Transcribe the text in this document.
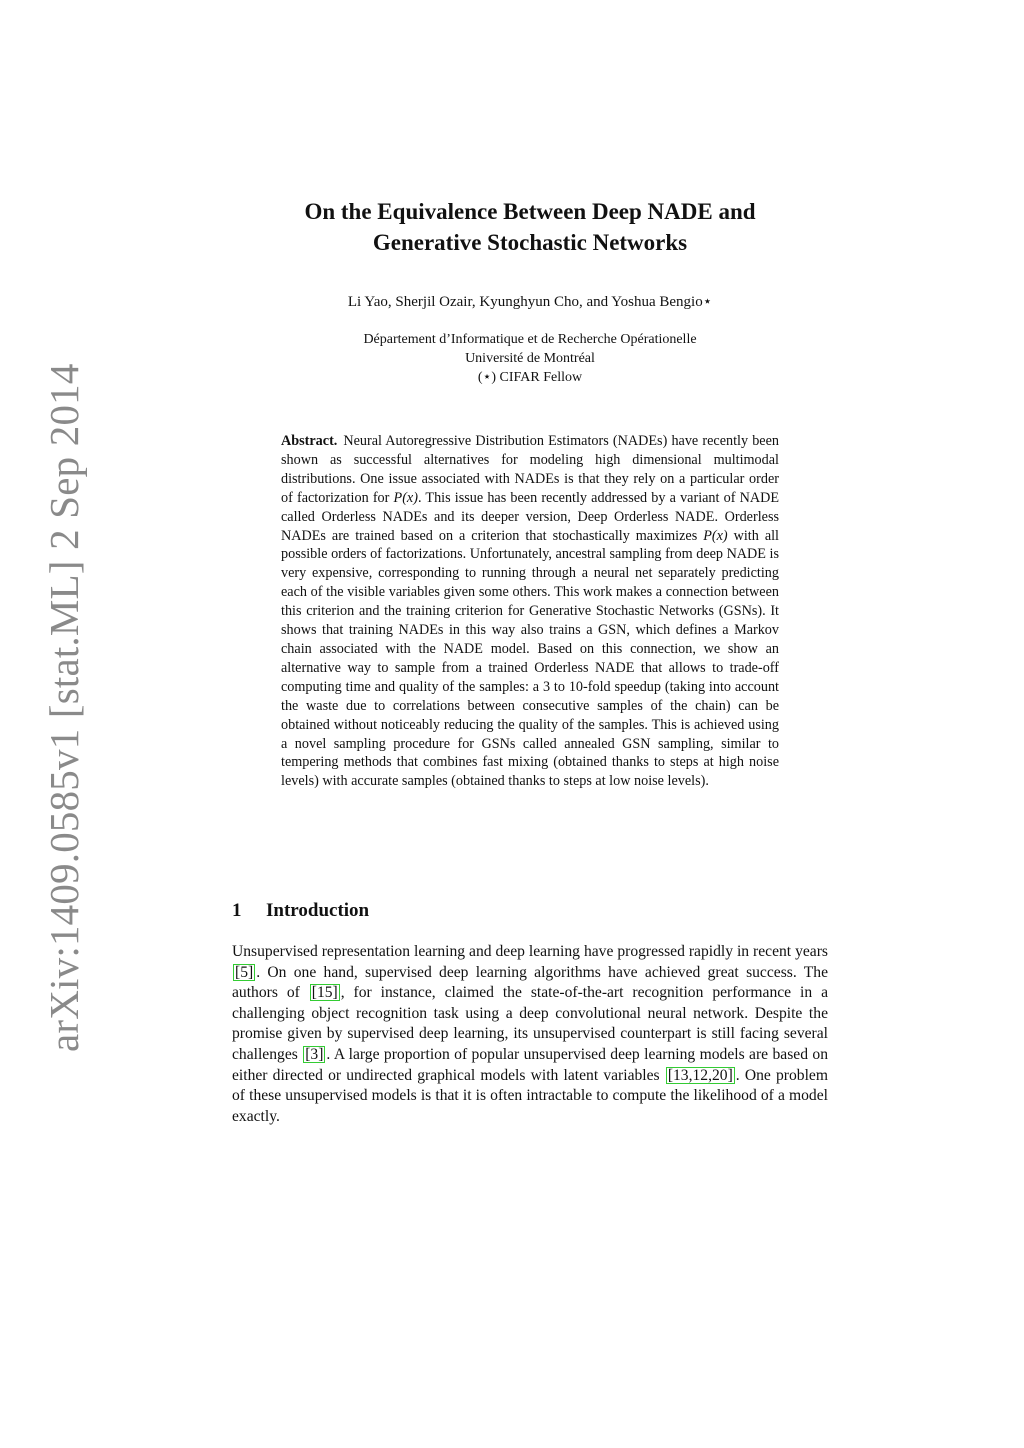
arXiv:1409.0585v1 [stat.ML] 2 Sep 2014
On the Equivalence Between Deep NADE and
Generative Stochastic Networks
Li Yao, Sherjil Ozair, Kyunghyun Cho, and Yoshua Bengio⋆
Département d’Informatique et de Recherche Opérationelle
Université de Montréal
(⋆) CIFAR Fellow
Abstract. Neural Autoregressive Distribution Estimators (NADEs) have recently been shown as successful alternatives for modeling high dimensional multimodal distributions. One issue associated with NADEs is that they rely on a particular order of factorization for P(x). This issue has been recently addressed by a variant of NADE called Orderless NADEs and its deeper version, Deep Orderless NADE. Orderless NADEs are trained based on a criterion that stochastically maximizes P(x) with all possible orders of factorizations. Unfortunately, ancestral sampling from deep NADE is very expensive, corresponding to running through a neural net separately predicting each of the visible variables given some others. This work makes a connection between this criterion and the training criterion for Generative Stochastic Networks (GSNs). It shows that training NADEs in this way also trains a GSN, which defines a Markov chain associated with the NADE model. Based on this connection, we show an alternative way to sample from a trained Orderless NADE that allows to trade-off computing time and quality of the samples: a 3 to 10-fold speedup (taking into account the waste due to correlations between consecutive samples of the chain) can be obtained without noticeably reducing the quality of the samples. This is achieved using a novel sampling procedure for GSNs called annealed GSN sampling, similar to tempering methods that combines fast mixing (obtained thanks to steps at high noise levels) with accurate samples (obtained thanks to steps at low noise levels).
1 Introduction
Unsupervised representation learning and deep learning have progressed rapidly in recent years [5] . On one hand, supervised deep learning algorithms have achieved great success. The authors of [15] , for instance, claimed the state-of-the-art recognition performance in a challenging object recognition task using a deep convolutional neural network. Despite the promise given by supervised deep learning, its unsupervised counterpart is still facing several challenges [3] . A large proportion of popular unsupervised deep learning models are based on either directed or undirected graphical models with latent variables [13,12,20] . One problem of these unsupervised models is that it is often intractable to compute the likelihood of a model exactly.
